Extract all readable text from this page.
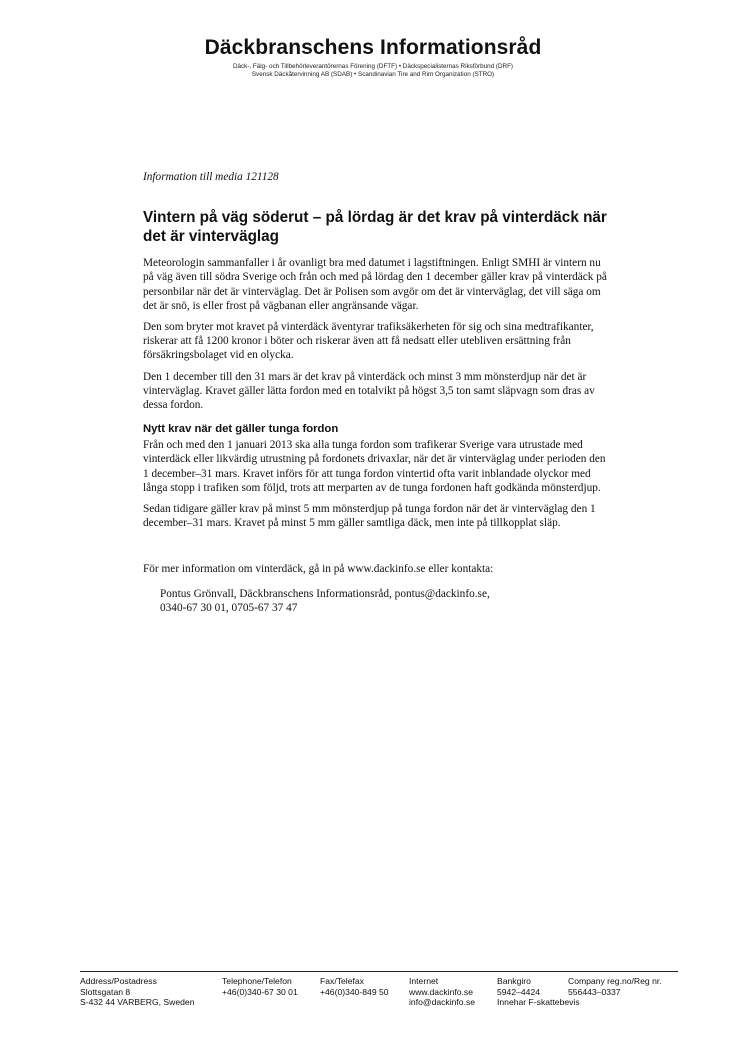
Däckbranschens Informationsråd
Däck-, Fälg- och Tillbehörleverantörernas Förening (DFTF) • Däckspecialisternas Riksförbund (DRF)
Svensk Däckåtervinning AB (SDAB) • Scandinavian Tire and Rim Organization (STRO)

Information till media 121128

Vintern på väg söderut – på lördag är det krav på vinterdäck när det är vinterväglag

Meteorologin sammanfaller i år ovanligt bra med datumet i lagstiftningen. Enligt SMHI är vintern nu på väg även till södra Sverige och från och med på lördag den 1 december gäller krav på vinterdäck på personbilar när det är vinterväglag. Det är Polisen som avgör om det är vinterväglag, det vill säga om det är snö, is eller frost på vägbanan eller angränsande vägar.

Den som bryter mot kravet på vinterdäck äventyrar trafiksäkerheten för sig och sina medtrafikanter, riskerar att få 1200 kronor i böter och riskerar även att få nedsatt eller utebliven ersättning från försäkringsbolaget vid en olycka.

Den 1 december till den 31 mars är det krav på vinterdäck och minst 3 mm mönsterdjup när det är vinterväglag. Kravet gäller lätta fordon med en totalvikt på högst 3,5 ton samt släpvagn som dras av dessa fordon.

Nytt krav när det gäller tunga fordon

Från och med den 1 januari 2013 ska alla tunga fordon som trafikerar Sverige vara utrustade med vinterdäck eller likvärdig utrustning på fordonets drivaxlar, när det är vinterväglag under perioden den 1 december–31 mars. Kravet införs för att tunga fordon vintertid ofta varit inblandade olyckor med långa stopp i trafiken som följd, trots att merparten av de tunga fordonen haft godkända mönsterdjup.

Sedan tidigare gäller krav på minst 5 mm mönsterdjup på tunga fordon när det är vinterväglag den 1 december–31 mars. Kravet på minst 5 mm gäller samtliga däck, men inte på tillkopplat släp.

För mer information om vinterdäck, gå in på www.dackinfo.se eller kontakta:

Pontus Grönvall, Däckbranschens Informationsråd, pontus@dackinfo.se,
0340-67 30 01, 0705-67 37 47
Address/Postadress
Slottsgatan 8
S-432 44 VARBERG, Sweden
Telephone/Telefon
+46(0)340-67 30 01
Fax/Telefax
+46(0)340-849 50
Internet
www.dackinfo.se
info@dackinfo.se
Bankgiro
5942–4424
Innehar F-skattebevis
Company reg.no/Reg nr.
556443–0337
